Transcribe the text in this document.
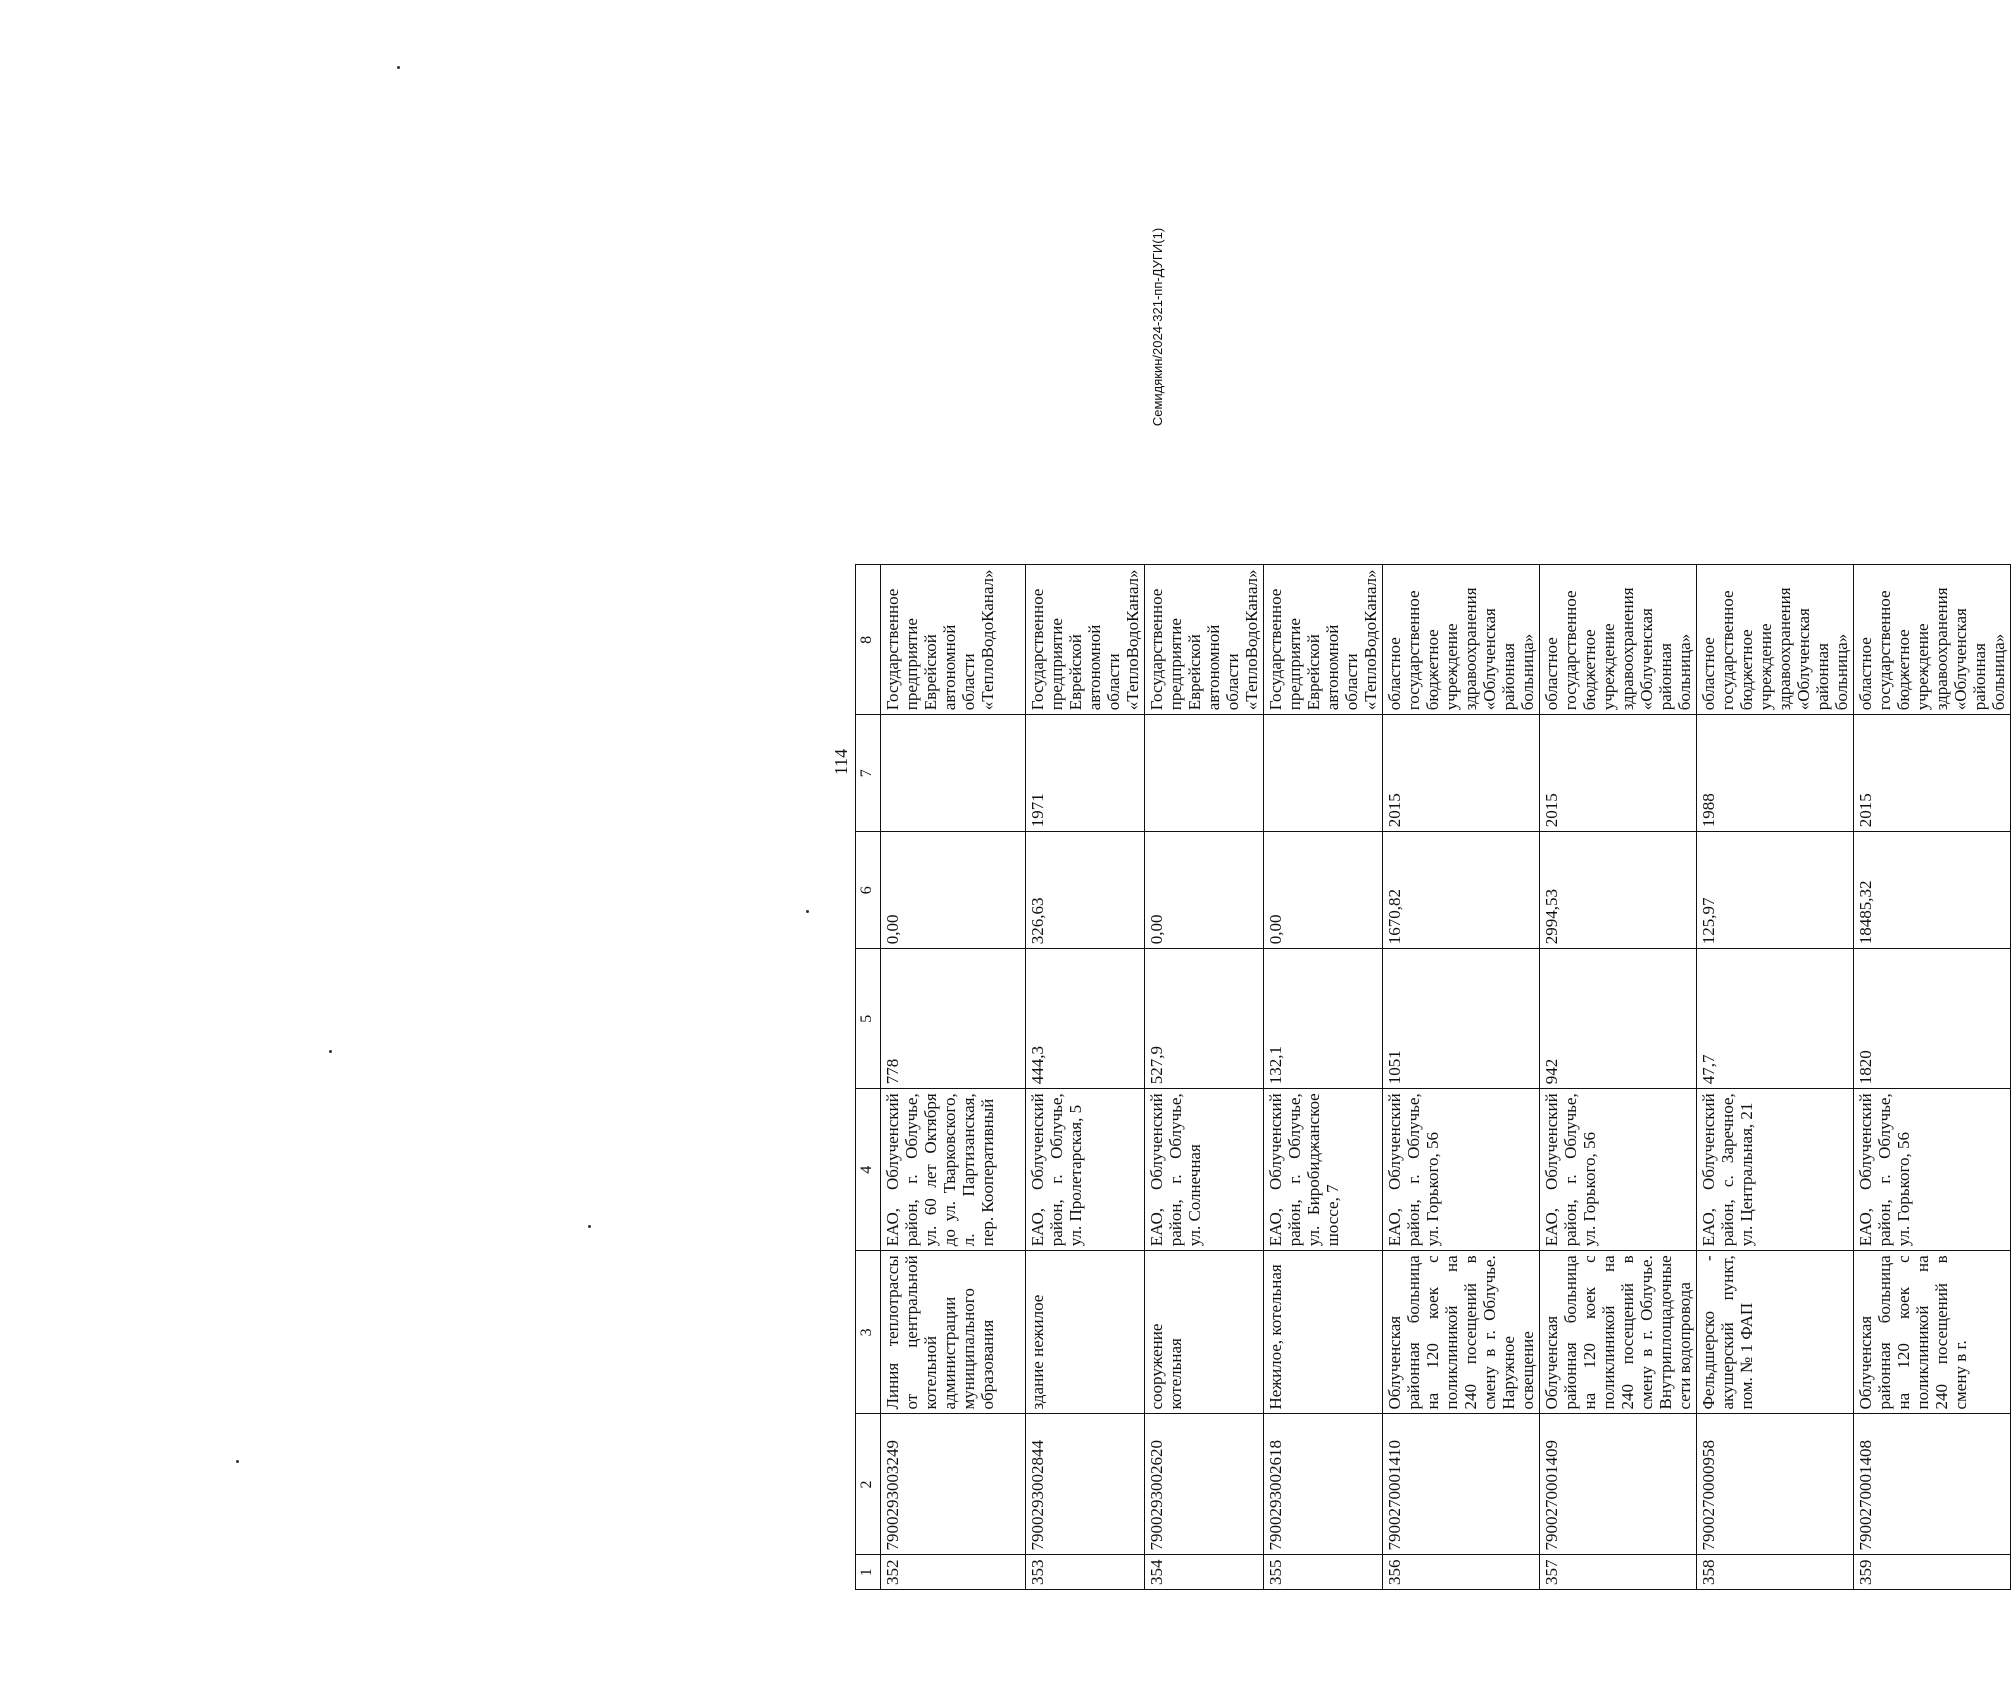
114
1	2	3	4	5	6	7	8
352	7900293003249	Линия теплотрассы от центральной котельной администрации муниципального образования	ЕАО, Облученский район, г. Облучье, ул. 60 лет Октября до ул. Тварковского, л. Партизанская, пер. Кооперативный	778	0,00		Государственное предприятие Еврейской автономной области «ТеплоВодоКанал»
353	7900293002844	здание нежилое	ЕАО, Облученский район, г. Облучье, ул. Пролетарская, 5	444,3	326,63	1971	Государственное предприятие Еврейской автономной области «ТеплоВодоКанал»
354	7900293002620	сооружение котельная	ЕАО, Облученский район, г. Облучье, ул. Солнечная	527,9	0,00		Государственное предприятие Еврейской автономной области «ТеплоВодоКанал»
355	7900293002618	Нежилое, котельная	ЕАО, Облученский район, г. Облучье, ул. Биробиджанское шоссе, 7	132,1	0,00		Государственное предприятие Еврейской автономной области «ТеплоВодоКанал»
356	7900270001410	Облученская районная больница на 120 коек с поликлиникой на 240 посещений в смену в г. Облучье. Наружное освещение	ЕАО, Облученский район, г. Облучье, ул. Горького, 56	1051	1670,82	2015	областное государственное бюджетное учреждение здравоохранения «Облученская районная больница»
357	7900270001409	Облученская районная больница на 120 коек с поликлиникой на 240 посещений в смену в г. Облучье. Внутриплощадочные сети водопровода	ЕАО, Облученский район, г. Облучье, ул. Горького, 56	942	2994,53	2015	областное государственное бюджетное учреждение здравоохранения «Облученская районная больница»
358	7900270000958	Фельдшерско - акушерский пункт, пом. № 1 ФАП	ЕАО, Облученский район, с. Заречное, ул. Центральная, 21	47,7	125,97	1988	областное государственное бюджетное учреждение здравоохранения «Облученская районная больница»
359	7900270001408	Облученская районная больница на 120 коек с поликлиникой на 240 посещений в смену в г.	ЕАО, Облученский район, г. Облучье, ул. Горького, 56	1820	18485,32	2015	областное государственное бюджетное учреждение здравоохранения «Облученская районная больница»
Семидякин/2024-321-пп-ДУГИ(1)
